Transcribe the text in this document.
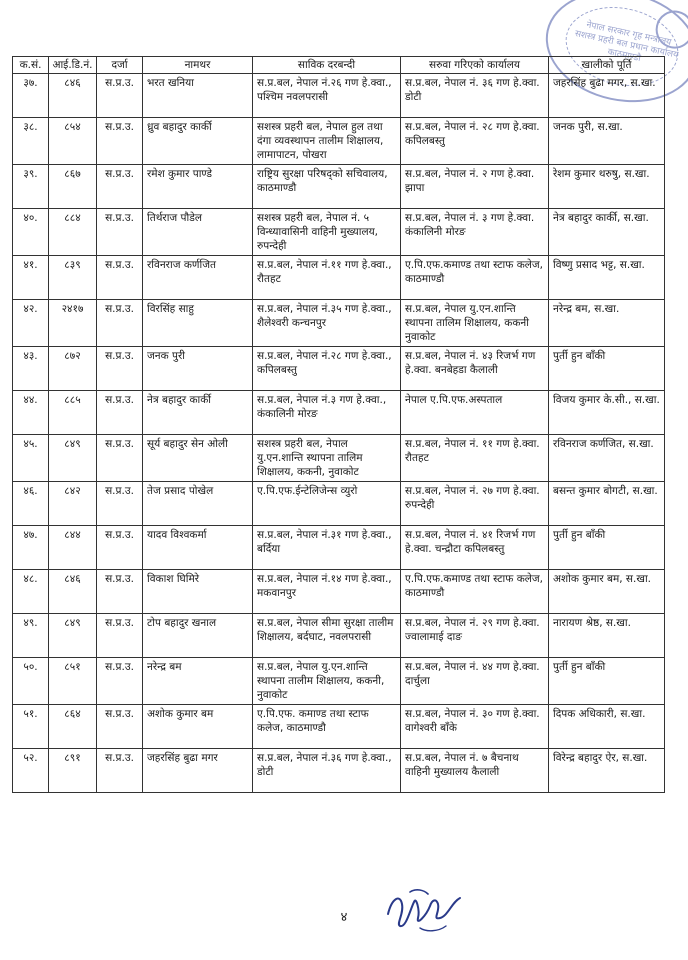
नेपाल सरकार गृह मन्त्रालय सशस्त्र प्रहरी बल प्रधान कार्यालय काठमाण्डौ
क.सं.	आई.डि.नं.	दर्जा	नामथर	साविक दरबन्दी	सरुवा गरिएको कार्यालय	खालीको पूर्ति
३७.	८४६	स.प्र.उ.	भरत खनिया	स.प्र.बल, नेपाल नं.२६ गण हे.क्वा., पश्चिम नवलपरासी	स.प्र.बल, नेपाल नं. ३६ गण हे.क्वा. डोटी	जहरसिंह बुढा मगर, स.खा.
३८.	८५४	स.प्र.उ.	ध्रुव बहादुर कार्की	सशस्त्र प्रहरी बल, नेपाल हुल तथा दंगा व्यवस्थापन तालीम शिक्षालय, लामापाटन, पोखरा	स.प्र.बल, नेपाल नं. २८ गण हे.क्वा. कपिलबस्तु	जनक पुरी, स.खा.
३९.	८६७	स.प्र.उ.	रमेश कुमार पाण्डे	राष्ट्रिय सुरक्षा परिषद्को सचिवालय, काठमाण्डौ	स.प्र.बल, नेपाल नं. २ गण हे.क्वा. झापा	रेशम कुमार थरुषु, स.खा.
४०.	८८४	स.प्र.उ.	तिर्थराज पौडेल	सशस्त्र प्रहरी बल, नेपाल नं. ५ विन्ध्यावासिनी वाहिनी मुख्यालय, रुपन्देही	स.प्र.बल, नेपाल नं. ३ गण हे.क्वा. कंकालिनी मोरङ	नेत्र बहादुर कार्की, स.खा.
४१.	८३९	स.प्र.उ.	रविनराज कर्णजित	स.प्र.बल, नेपाल नं.११ गण हे.क्वा., रौतहट	ए.पि.एफ.कमाण्ड तथा स्टाफ कलेज, काठमाण्डौ	विष्णु प्रसाद भट्ट, स.खा.
४२.	२४१७	स.प्र.उ.	विरसिंह साहु	स.प्र.बल, नेपाल नं.३५ गण हे.क्वा., शैलेश्वरी कन्चनपुर	स.प्र.बल, नेपाल यु.एन.शान्ति स्थापना तालिम शिक्षालय, ककनी नुवाकोट	नरेन्द्र बम, स.खा.
४३.	८७२	स.प्र.उ.	जनक पुरी	स.प्र.बल, नेपाल नं.२८ गण हे.क्वा., कपिलबस्तु	स.प्र.बल, नेपाल नं. ४३ रिजर्भ गण हे.क्वा. बनबेहडा कैलाली	पुर्ती हुन बाँकी
४४.	८८५	स.प्र.उ.	नेत्र बहादुर कार्की	स.प्र.बल, नेपाल नं.३ गण हे.क्वा., कंकालिनी मोरङ	नेपाल ए.पि.एफ.अस्पताल	विजय कुमार के.सी., स.खा.
४५.	८४९	स.प्र.उ.	सूर्य बहादुर सेन ओली	सशस्त्र प्रहरी बल, नेपाल यु.एन.शान्ति स्थापना तालिम शिक्षालय, ककनी, नुवाकोट	स.प्र.बल, नेपाल नं. ११ गण हे.क्वा. रौतहट	रविनराज कर्णजित, स.खा.
४६.	८४२	स.प्र.उ.	तेज प्रसाद पोखेल	ए.पि.एफ.ईन्टेलिजेन्स व्युरो	स.प्र.बल, नेपाल नं. २७ गण हे.क्वा. रुपन्देही	बसन्त कुमार बोगटी, स.खा.
४७.	८४४	स.प्र.उ.	यादव विश्वकर्मा	स.प्र.बल, नेपाल नं.३१ गण हे.क्वा., बर्दिया	स.प्र.बल, नेपाल नं. ४१ रिजर्भ गण हे.क्वा. चन्द्रौटा कपिलबस्तु	पुर्ती हुन बाँकी
४८.	८४६	स.प्र.उ.	विकाश घिमिरे	स.प्र.बल, नेपाल नं.१४ गण हे.क्वा., मकवानपुर	ए.पि.एफ.कमाण्ड तथा स्टाफ कलेज, काठमाण्डौ	अशोक कुमार बम, स.खा.
४९.	८४९	स.प्र.उ.	टोप बहादुर खनाल	स.प्र.बल, नेपाल सीमा सुरक्षा तालीम शिक्षालय, बर्दघाट, नवलपरासी	स.प्र.बल, नेपाल नं. २९ गण हे.क्वा. ज्वालामाई दाङ	नारायण श्रेष्ठ, स.खा.
५०.	८५१	स.प्र.उ.	नरेन्द्र बम	स.प्र.बल, नेपाल यु.एन.शान्ति स्थापना तालीम शिक्षालय, ककनी, नुवाकोट	स.प्र.बल, नेपाल नं. ४४ गण हे.क्वा. दार्चुला	पुर्ती हुन बाँकी
५१.	८६४	स.प्र.उ.	अशोक कुमार बम	ए.पि.एफ. कमाण्ड तथा स्टाफ कलेज, काठमाण्डौ	स.प्र.बल, नेपाल नं. ३० गण हे.क्वा. वागेश्वरी बाँके	दिपक अधिकारी, स.खा.
५२.	८९१	स.प्र.उ.	जहरसिंह बुढा मगर	स.प्र.बल, नेपाल नं.३६ गण हे.क्वा., डोटी	स.प्र.बल, नेपाल नं. ७ बैचनाथ वाहिनी मुख्यालय कैलाली	विरेन्द्र बहादुर ऐर, स.खा.
४
